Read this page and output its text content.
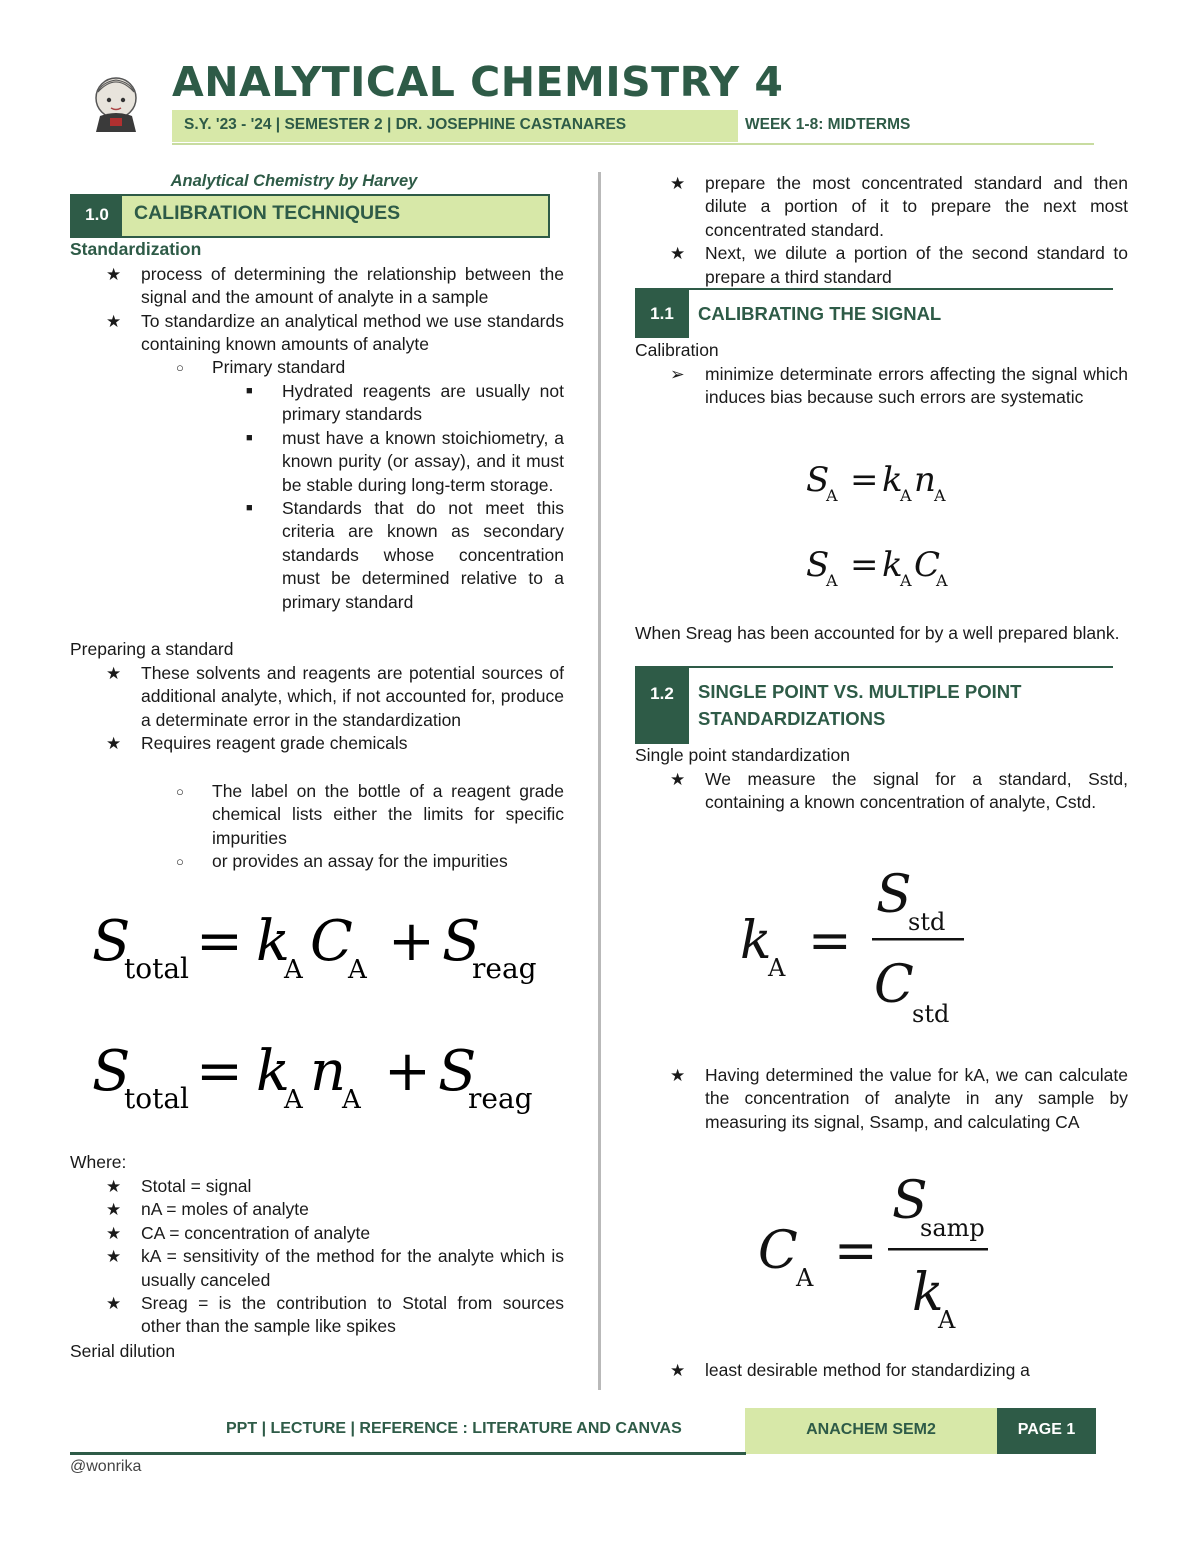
ANALYTICAL CHEMISTRY 4
S.Y. '23 - '24 | SEMESTER 2 | DR. JOSEPHINE CASTANARES	WEEK 1-8: MIDTERMS
Analytical Chemistry by Harvey
1.0	CALIBRATION TECHNIQUES
Standardization
★	process of determining the relationship between the signal and the amount of analyte in a sample
★	To standardize an analytical method we use standards containing known amounts of analyte
○	Primary standard
■	Hydrated reagents are usually not primary standards
■	must have a known stoichiometry, a known purity (or assay), and it must be stable during long-term storage.
■	Standards that do not meet this criteria are known as secondary standards whose concentration must be determined relative to a primary standard
Preparing a standard
★	These solvents and reagents are potential sources of additional analyte, which, if not accounted for, produce a determinate error in the standardization
★	Requires reagent grade chemicals
○	The label on the bottle of a reagent grade chemical lists either the limits for specific impurities
○	or provides an assay for the impurities
S
total = k
A C
A + S
reag
S
total = k
A n
A + S
reag
Where:
★	Stotal = signal
★	nA = moles of analyte
★	CA = concentration of analyte
★	kA = sensitivity of the method for the analyte which is usually canceled
★	Sreag = is the contribution to Stotal from sources other than the sample like spikes
Serial dilution
★	prepare the most concentrated standard and then dilute a portion of it to prepare the next most concentrated standard.
★	Next, we dilute a portion of the second standard to prepare a third standard
1.1	CALIBRATING THE SIGNAL
Calibration
➢	minimize determinate errors affecting the signal which induces bias because such errors are systematic
S
A = k
A n
A
S
A = k
A C
A
When Sreag has been accounted for by a well prepared blank.
1.2	SINGLE POINT VS. MULTIPLE POINT
STANDARDIZATIONS
Single point standardization
★	We measure the signal for a standard, Sstd, containing a known concentration of analyte, Cstd.
k
A =
S
std
C
std
★	Having determined the value for kA, we can calculate the concentration of analyte in any sample by measuring its signal, Ssamp, and calculating CA
C
A =
S
samp
k
A
★	least desirable method for standardizing a
PPT | LECTURE | REFERENCE : LITERATURE AND CANVAS	ANACHEM SEM2	PAGE 1
@wonrika
